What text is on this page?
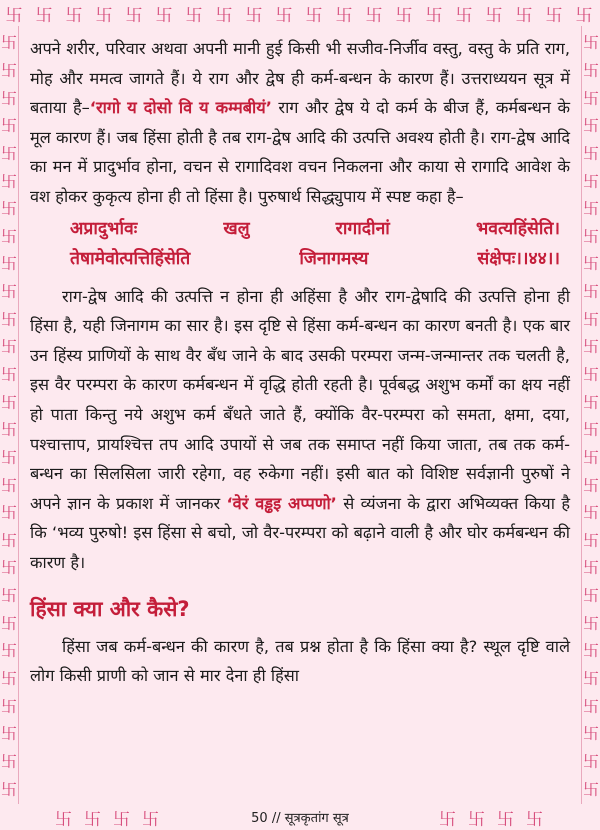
卐 卐 卐 卐 卐 卐 卐 卐 卐 卐 卐 卐 卐 卐 卐 卐 卐 卐 卐 卐
卐
卐
卐
卐
卐
卐
卐
卐
卐
卐
卐
卐
卐
卐
卐
卐
卐
卐
卐
卐
卐
卐
卐
卐
卐
卐
卐
卐
卐
卐
卐
卐
卐
卐
卐
卐
卐
卐
卐
卐
卐
卐
卐
卐
卐
卐
卐
卐
卐
卐
卐
卐
卐
卐
卐
卐

अपने शरीर, परिवार अथवा अपनी मानी हुई किसी भी सजीव-निर्जीव वस्तु, वस्तु के प्रति राग, मोह और ममत्व जागते हैं। ये राग और द्वेष ही कर्म-बन्धन के कारण हैं। उत्तराध्ययन सूत्र में बताया है–‘रागो य दोसो वि य कम्मबीयं’ राग और द्वेष ये दो कर्म के बीज हैं, कर्मबन्धन के मूल कारण हैं। जब हिंसा होती है तब राग-द्वेष आदि की उत्पत्ति अवश्य होती है। राग-द्वेष आदि का मन में प्रादुर्भाव होना, वचन से रागादिवश वचन निकलना और काया से रागादि आवेश के वश होकर कुकृत्य होना ही तो हिंसा है। पुरुषार्थ सिद्ध्युपाय में स्पष्ट कहा है–

अप्रादुर्भावः	खलु	रागादीनां	भवत्यहिंसेति।
तेषामेवोत्पत्तिहिंसेति	जिनागमस्य	संक्षेपः।।४४।।

राग-द्वेष आदि की उत्पत्ति न होना ही अहिंसा है और राग-द्वेषादि की उत्पत्ति होना ही हिंसा है, यही जिनागम का सार है। इस दृष्टि से हिंसा कर्म-बन्धन का कारण बनती है। एक बार उन हिंस्य प्राणियों के साथ वैर बँध जाने के बाद उसकी परम्परा जन्म-जन्मान्तर तक चलती है, इस वैर परम्परा के कारण कर्मबन्धन में वृद्धि होती रहती है। पूर्वबद्ध अशुभ कर्मों का क्षय नहीं हो पाता किन्तु नये अशुभ कर्म बँधते जाते हैं, क्योंकि वैर-परम्परा को समता, क्षमा, दया, पश्चात्ताप, प्रायश्चित्त तप आदि उपायों से जब तक समाप्त नहीं किया जाता, तब तक कर्म-बन्धन का सिलसिला जारी रहेगा, वह रुकेगा नहीं। इसी बात को विशिष्ट सर्वज्ञानी पुरुषों ने अपने ज्ञान के प्रकाश में जानकर ‘वेरं वड्ढइ अप्पणो’ से व्यंजना के द्वारा अभिव्यक्त किया है कि ‘भव्य पुरुषो! इस हिंसा से बचो, जो वैर-परम्परा को बढ़ाने वाली है और घोर कर्मबन्धन की कारण है।

हिंसा क्या और कैसे?

हिंसा जब कर्म-बन्धन की कारण है, तब प्रश्न होता है कि हिंसा क्या है? स्थूल दृष्टि वाले लोग किसी प्राणी को जान से मार देना ही हिंसा

卐 卐 卐 卐	卐 卐 卐 卐
50 // सूत्रकृतांग सूत्र
